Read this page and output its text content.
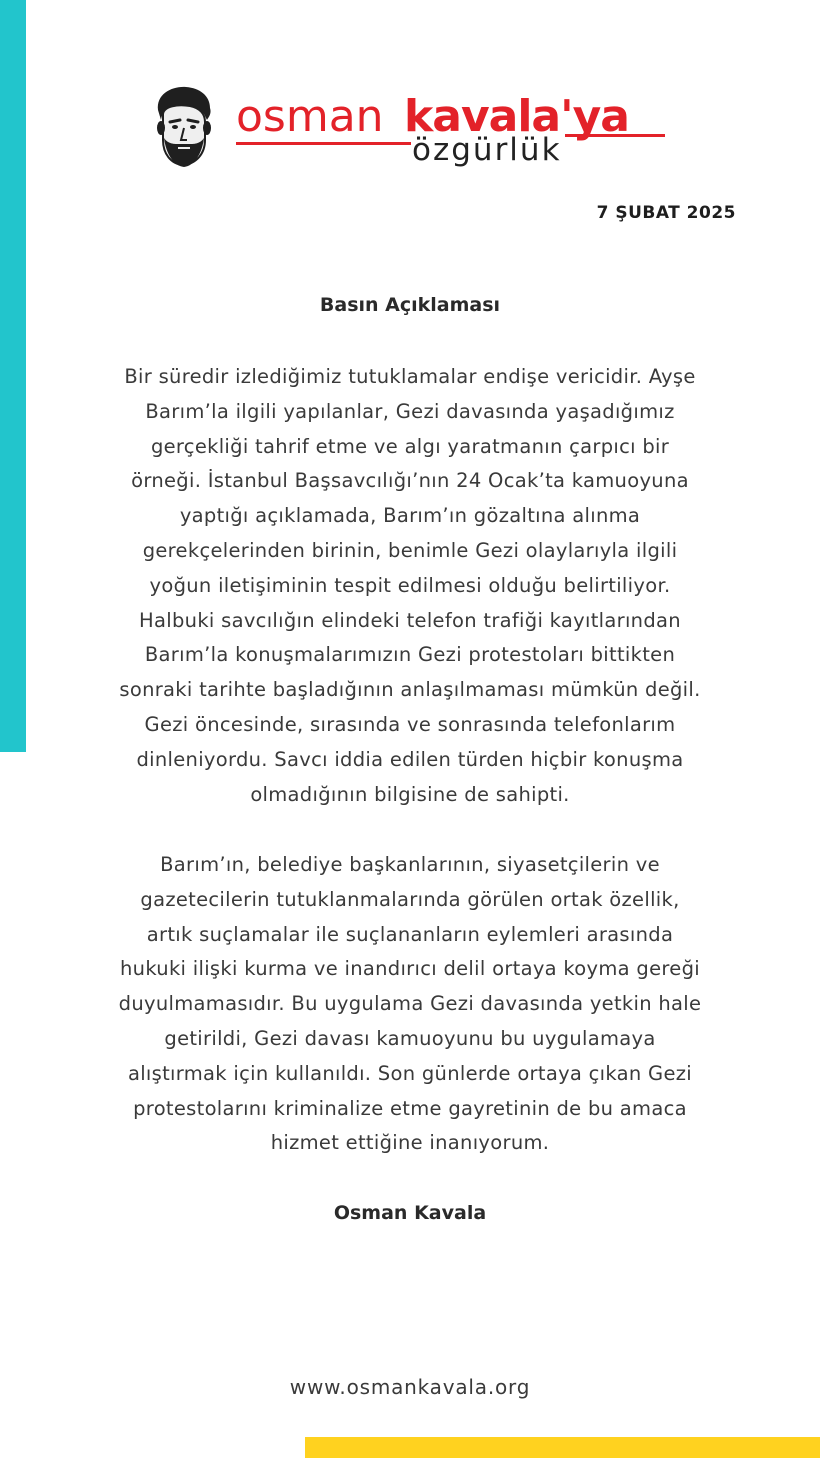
osman kavala'ya
özgürlük
7 ŞUBAT 2025
Basın Açıklaması
Bir süredir izlediğimiz tutuklamalar endişe vericidir. Ayşe
Barım’la ilgili yapılanlar, Gezi davasında yaşadığımız
gerçekliği tahrif etme ve algı yaratmanın çarpıcı bir
örneği. İstanbul Başsavcılığı’nın 24 Ocak’ta kamuoyuna
yaptığı açıklamada, Barım’ın gözaltına alınma
gerekçelerinden birinin, benimle Gezi olaylarıyla ilgili
yoğun iletişiminin tespit edilmesi olduğu belirtiliyor.
Halbuki savcılığın elindeki telefon trafiği kayıtlarından
Barım’la konuşmalarımızın Gezi protestoları bittikten
sonraki tarihte başladığının anlaşılmaması mümkün değil.
Gezi öncesinde, sırasında ve sonrasında telefonlarım
dinleniyordu. Savcı iddia edilen türden hiçbir konuşma
olmadığının bilgisine de sahipti.
Barım’ın, belediye başkanlarının, siyasetçilerin ve
gazetecilerin tutuklanmalarında görülen ortak özellik,
artık suçlamalar ile suçlananların eylemleri arasında
hukuki ilişki kurma ve inandırıcı delil ortaya koyma gereği
duyulmamasıdır. Bu uygulama Gezi davasında yetkin hale
getirildi, Gezi davası kamuoyunu bu uygulamaya
alıştırmak için kullanıldı. Son günlerde ortaya çıkan Gezi
protestolarını kriminalize etme gayretinin de bu amaca
hizmet ettiğine inanıyorum.
Osman Kavala
www.osmankavala.org
